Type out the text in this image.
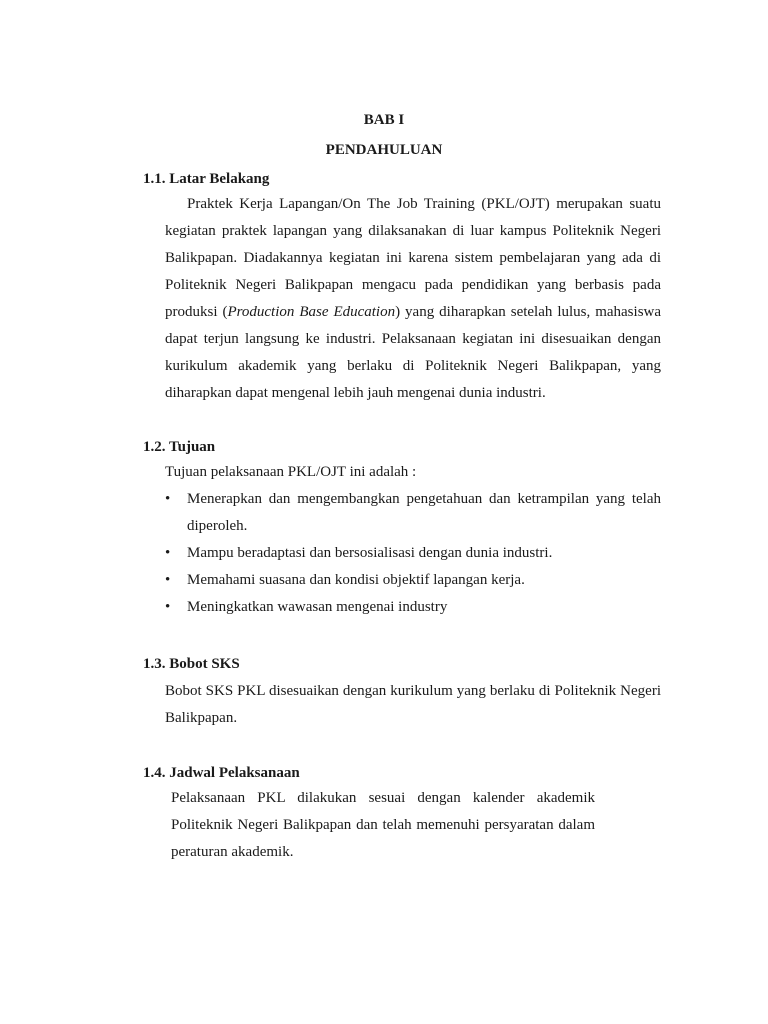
BAB I
PENDAHULUAN
1.1. Latar Belakang

Praktek Kerja Lapangan/On The Job Training (PKL/OJT) merupakan suatu kegiatan praktek lapangan yang dilaksanakan di luar kampus Politeknik Negeri Balikpapan. Diadakannya kegiatan ini karena sistem pembelajaran yang ada di Politeknik Negeri Balikpapan mengacu pada pendidikan yang berbasis pada produksi (Production Base Education) yang diharapkan setelah lulus, mahasiswa dapat terjun langsung ke industri. Pelaksanaan kegiatan ini disesuaikan dengan kurikulum akademik yang berlaku di Politeknik Negeri Balikpapan, yang diharapkan dapat mengenal lebih jauh mengenai dunia industri.

1.2. Tujuan

Tujuan pelaksanaan PKL/OJT ini adalah :

•	Menerapkan dan mengembangkan pengetahuan dan ketrampilan yang telah diperoleh.
•	Mampu beradaptasi dan bersosialisasi dengan dunia industri.
•	Memahami suasana dan kondisi objektif lapangan kerja.
•	Meningkatkan wawasan mengenai industry
1.3. Bobot SKS

Bobot SKS PKL disesuaikan dengan kurikulum yang berlaku di Politeknik Negeri Balikpapan.

1.4. Jadwal Pelaksanaan

Pelaksanaan PKL dilakukan sesuai dengan kalender akademik Politeknik Negeri Balikpapan dan telah memenuhi persyaratan dalam peraturan akademik.
